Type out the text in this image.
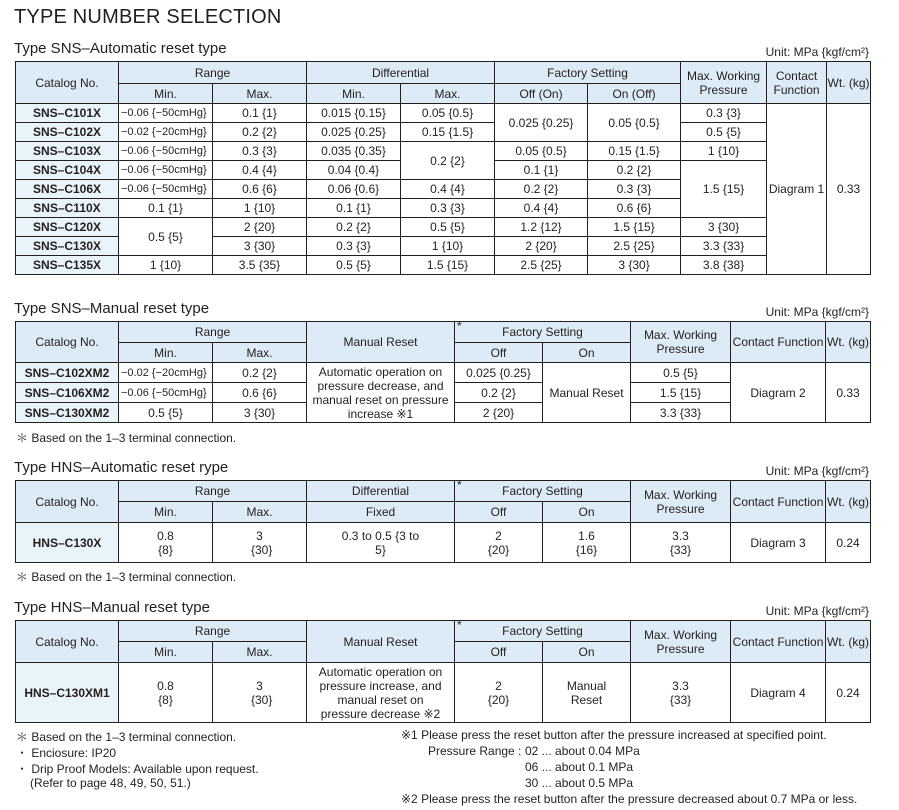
TYPE NUMBER SELECTION
Type SNS–Automatic reset type	Unit: MPa {kgf/cm²}
Catalog No.	Range		Differential		Factory Setting		Max. Working Pressure	Contact Function	Wt. (kg)
	Min.	Max.	Min.	Max.	Off (On)	On (Off)			
SNS–C101X	−0.06 {−50cmHg}	0.1 {1}	0.015 {0.15}	0.05 {0.5}	0.025 {0.25}	0.05 {0.5}	0.3 {3}	Diagram 1	0.33
SNS–C102X	−0.02 {−20cmHg}	0.2 {2}	0.025 {0.25}	0.15 {1.5}			0.5 {5}		
SNS–C103X	−0.06 {−50cmHg}	0.3 {3}	0.035 {0.35}	0.2 {2}	0.05 {0.5}	0.15 {1.5}	1 {10}		
SNS–C104X	−0.06 {−50cmHg}	0.4 {4}	0.04 {0.4}		0.1 {1}	0.2 {2}	1.5 {15}		
SNS–C106X	−0.06 {−50cmHg}	0.6 {6}	0.06 {0.6}	0.4 {4}	0.2 {2}	0.3 {3}			
SNS–C110X	0.1 {1}	1 {10}	0.1 {1}	0.3 {3}	0.4 {4}	0.6 {6}			
SNS–C120X	0.5 {5}	2 {20}	0.2 {2}	0.5 {5}	1.2 {12}	1.5 {15}	3 {30}		
SNS–C130X		3 {30}	0.3 {3}	1 {10}	2 {20}	2.5 {25}	3.3 {33}		
SNS–C135X	1 {10}	3.5 {35}	0.5 {5}	1.5 {15}	2.5 {25}	3 {30}	3.8 {38}		
Type SNS–Manual reset type	Unit: MPa {kgf/cm²}
Catalog No.	Range		Manual Reset	* Factory Setting		Max. Working Pressure	Contact Function	Wt. (kg)
	Min.	Max.		Off	On			
SNS–C102XM2	−0.02 {−20cmHg}	0.2 {2}	Automatic operation on pressure decrease, and manual reset on pressure increase ※1	0.025 {0.25}	Manual Reset	0.5 {5}	Diagram 2	0.33
SNS–C106XM2	−0.06 {−50cmHg}	0.6 {6}		0.2 {2}		1.5 {15}		
SNS–C130XM2	0.5 {5}	3 {30}		2 {20}		3.3 {33}		
＊ Based on the 1–3 terminal connection.
Type HNS–Automatic reset rype	Unit: MPa {kgf/cm²}
Catalog No.	Range		Differential	* Factory Setting		Max. Working Pressure	Contact Function	Wt. (kg)
	Min.	Max.	Fixed	Off	On			
HNS–C130X	0.8 {8}	3 {30}	0.3 to 0.5 {3 to 5}	2 {20}	1.6 {16}	3.3 {33}	Diagram 3	0.24
＊ Based on the 1–3 terminal connection.
Type HNS–Manual reset type	Unit: MPa {kgf/cm²}
Catalog No.	Range		Manual Reset	* Factory Setting		Max. Working Pressure	Contact Function	Wt. (kg)
	Min.	Max.		Off	On			
HNS–C130XM1	0.8 {8}	3 {30}	Automatic operation on pressure increase, and manual reset on pressure decrease ※2	2 {20}	Manual Reset	3.3 {33}	Diagram 4	0.24
＊ Based on the 1–3 terminal connection.
・ Enciosure: IP20
・ Drip Proof Models: Available upon request.
(Refer to page 48, 49, 50, 51.)
※1 Please press the reset button after the pressure increased at specified point.
Pressure Range : 02 ... about 0.04 MPa
06 ... about 0.1 MPa
30 ... about 0.5 MPa
※2 Please press the reset button after the pressure decreased about 0.7 MPa or less.
